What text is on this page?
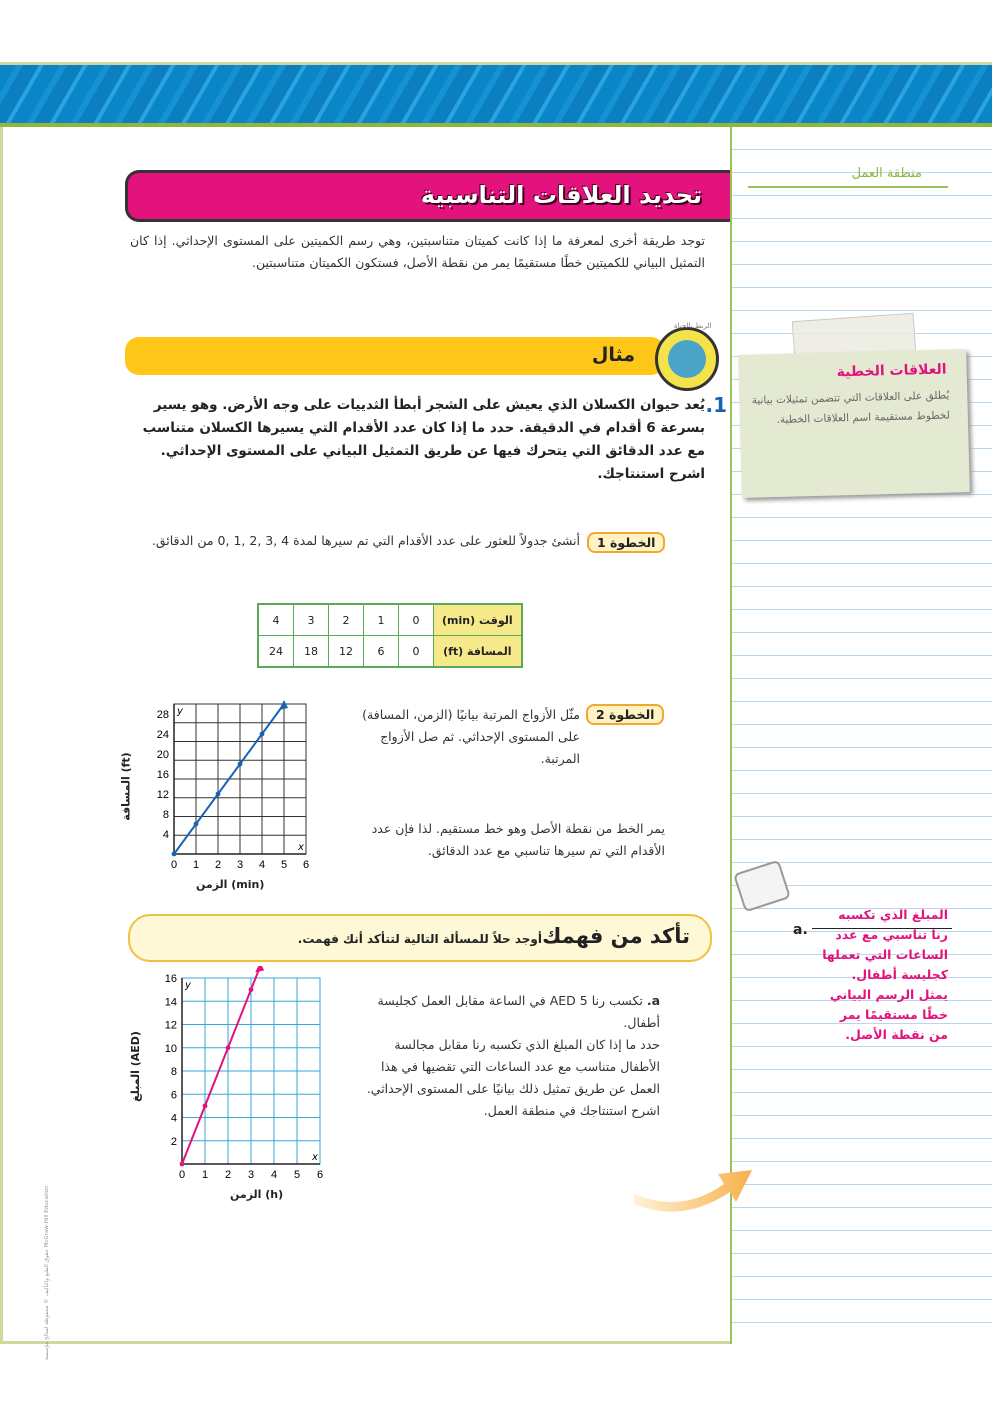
منطقة العمل
تحديد العلاقات التناسبية
توجد طريقة أخرى لمعرفة ما إذا كانت كميتان متناسبتين، وهي رسم الكميتين على المستوى الإحداثي. إذا كان التمثيل البياني للكميتين خطًا مستقيمًا يمر من نقطة الأصل، فستكون الكميتان متناسبتين.
مثال
الربط بالحياة
1.
يُعد حيوان الكسلان الذي يعيش على الشجر أبطأ الثدييات على وجه الأرض. وهو يسير بسرعة 6 أقدام في الدقيقة. حدد ما إذا كان عدد الأقدام التي يسيرها الكسلان متناسب مع عدد الدقائق التي يتحرك فيها عن طريق التمثيل البياني على المستوى الإحداثي.
اشرح استنتاجك.
الخطوة 1
أنشئ جدولاً للعثور على عدد الأقدام التي تم سيرها لمدة 4 ,3 ,2 ,1 ,0 من الدقائق.
4	3	2	1	0	الوقت (min)
24	18	12	6	0	المسافة (ft)
الخطوة 2
مثّل الأزواج المرتبة بيانيًا (الزمن، المسافة) على المستوى الإحداثي. ثم صل الأزواج المرتبة.
يمر الخط من نقطة الأصل وهو خط مستقيم. لذا فإن عدد الأقدام التي تم سيرها تناسبي مع عدد الدقائق.
0 1 2 3 4 5 6
4
8
12
16
20
24
28
x
y
الزمن (min)
المسافة (ft)
تأكد من فهمك
أوجد حلاً للمسألة التالية لتتأكد أنك فهمت.
a. تكسب رنا 5 AED في الساعة مقابل العمل كجليسة أطفال.
حدد ما إذا كان المبلغ الذي تكسبه رنا مقابل مجالسة الأطفال متناسب مع عدد الساعات التي تقضيها في هذا العمل عن طريق تمثيل ذلك بيانيًا على المستوى الإحداثي. اشرح استنتاجك في منطقة العمل.
0 1 2 3 4 5 6
2
4
6
8
10
12
14
16
x
y
الزمن (h)
المبلغ (AED)
العلاقات الخطية

يُطلق على العلاقات التي تتضمن تمثيلات بيانية لخطوط مستقيمة اسم العلاقات الخطية.

a.
المبلغ الذي تكسبه رنا تناسبي مع عدد الساعات التي تعملها كجليسة أطفال. يمثل الرسم البياني خطًا مستقيمًا يمر من نقطة الأصل.
